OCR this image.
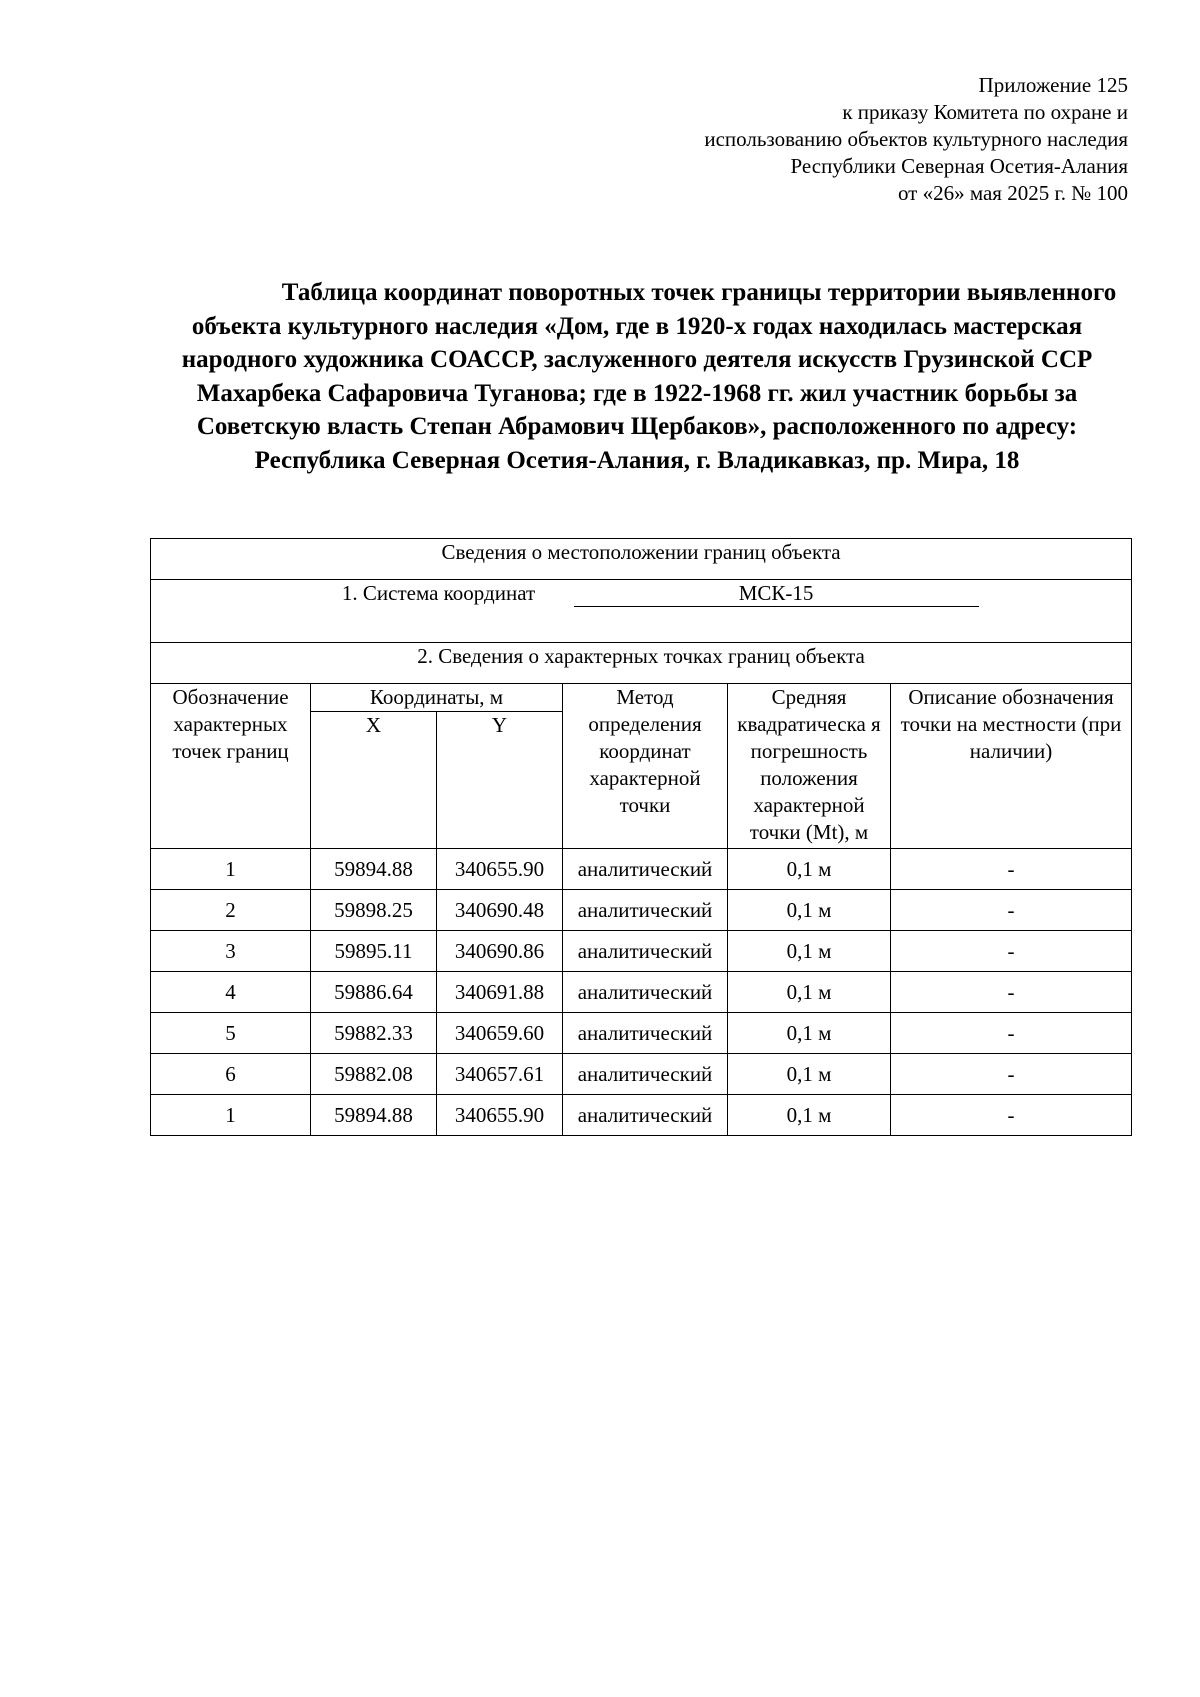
Приложение 125
к приказу Комитета по охране и
использованию объектов культурного наследия
Республики Северная Осетия-Алания
от «26» мая 2025 г. № 100
Таблица координат поворотных точек границы территории выявленного объекта культурного наследия «Дом, где в 1920-х годах находилась мастерская народного художника СОАССР, заслуженного деятеля искусств Грузинской ССР Махарбека Сафаровича Туганова; где в 1922-1968 гг. жил участник борьбы за Советскую власть Степан Абрамович Щербаков», расположенного по адресу: Республика Северная Осетия-Алания, г. Владикавказ, пр. Мира, 18
Сведения о местоположении границ объекта					
1. Система координат МСК-15					
2. Сведения о характерных точках границ объекта					
Обозначение характерных точек границ	Координаты, м		Метод определения координат характерной точки	Средняя квадратическа я погрешность положения характерной точки (Mt), м	Описание обозначения точки на местности (при наличии)
	X	Y			
1	59894.88	340655.90	аналитический	0,1 м	-
2	59898.25	340690.48	аналитический	0,1 м	-
3	59895.11	340690.86	аналитический	0,1 м	-
4	59886.64	340691.88	аналитический	0,1 м	-
5	59882.33	340659.60	аналитический	0,1 м	-
6	59882.08	340657.61	аналитический	0,1 м	-
1	59894.88	340655.90	аналитический	0,1 м	-
